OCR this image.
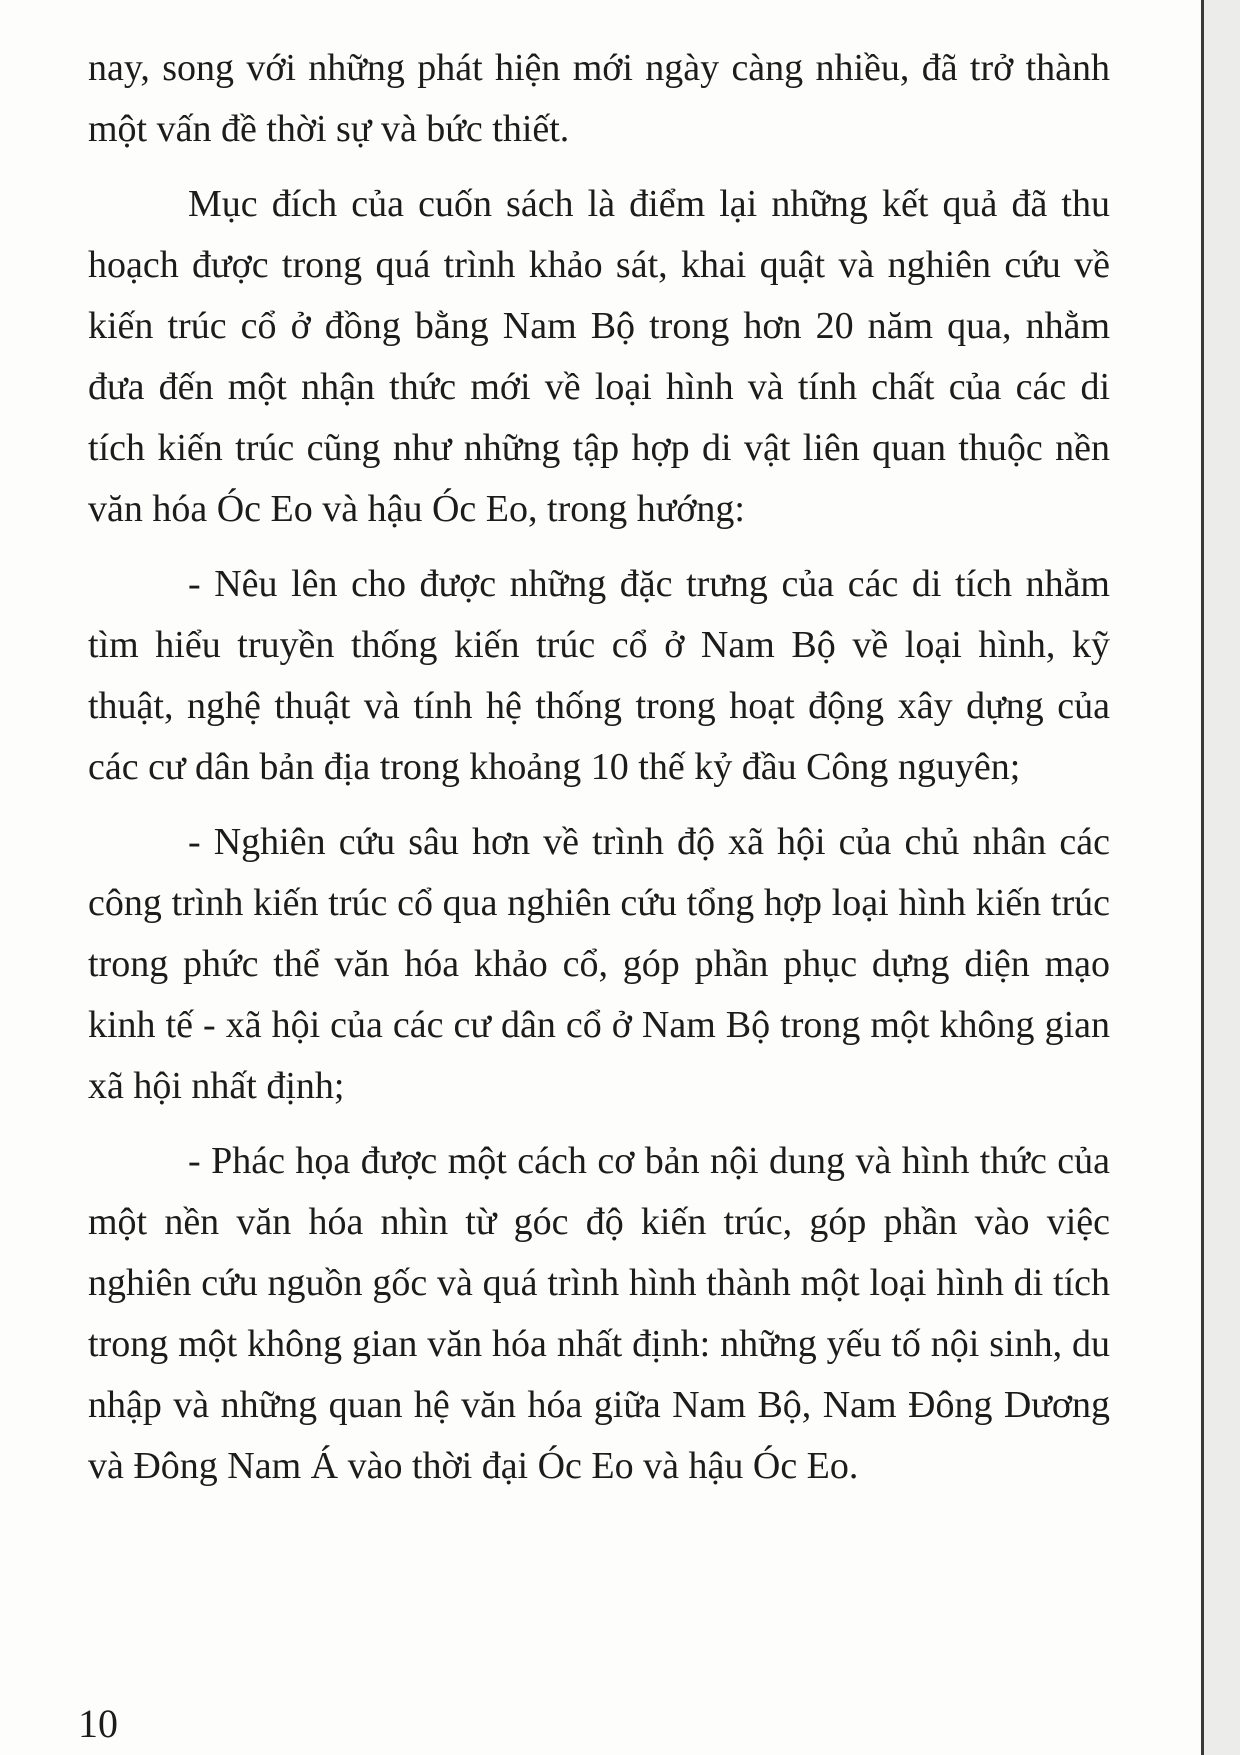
nay, song với những phát hiện mới ngày càng nhiều, đã trở thành một vấn đề thời sự và bức thiết.

Mục đích của cuốn sách là điểm lại những kết quả đã thu hoạch được trong quá trình khảo sát, khai quật và nghiên cứu về kiến trúc cổ ở đồng bằng Nam Bộ trong hơn 20 năm qua, nhằm đưa đến một nhận thức mới về loại hình và tính chất của các di tích kiến trúc cũng như những tập hợp di vật liên quan thuộc nền văn hóa Óc Eo và hậu Óc Eo, trong hướng:

- Nêu lên cho được những đặc trưng của các di tích nhằm tìm hiểu truyền thống kiến trúc cổ ở Nam Bộ về loại hình, kỹ thuật, nghệ thuật và tính hệ thống trong hoạt động xây dựng của các cư dân bản địa trong khoảng 10 thế kỷ đầu Công nguyên;

- Nghiên cứu sâu hơn về trình độ xã hội của chủ nhân các công trình kiến trúc cổ qua nghiên cứu tổng hợp loại hình kiến trúc trong phức thể văn hóa khảo cổ, góp phần phục dựng diện mạo kinh tế - xã hội của các cư dân cổ ở Nam Bộ trong một không gian xã hội nhất định;

- Phác họa được một cách cơ bản nội dung và hình thức của một nền văn hóa nhìn từ góc độ kiến trúc, góp phần vào việc nghiên cứu nguồn gốc và quá trình hình thành một loại hình di tích trong một không gian văn hóa nhất định: những yếu tố nội sinh, du nhập và những quan hệ văn hóa giữa Nam Bộ, Nam Đông Dương và Đông Nam Á vào thời đại Óc Eo và hậu Óc Eo.

10
